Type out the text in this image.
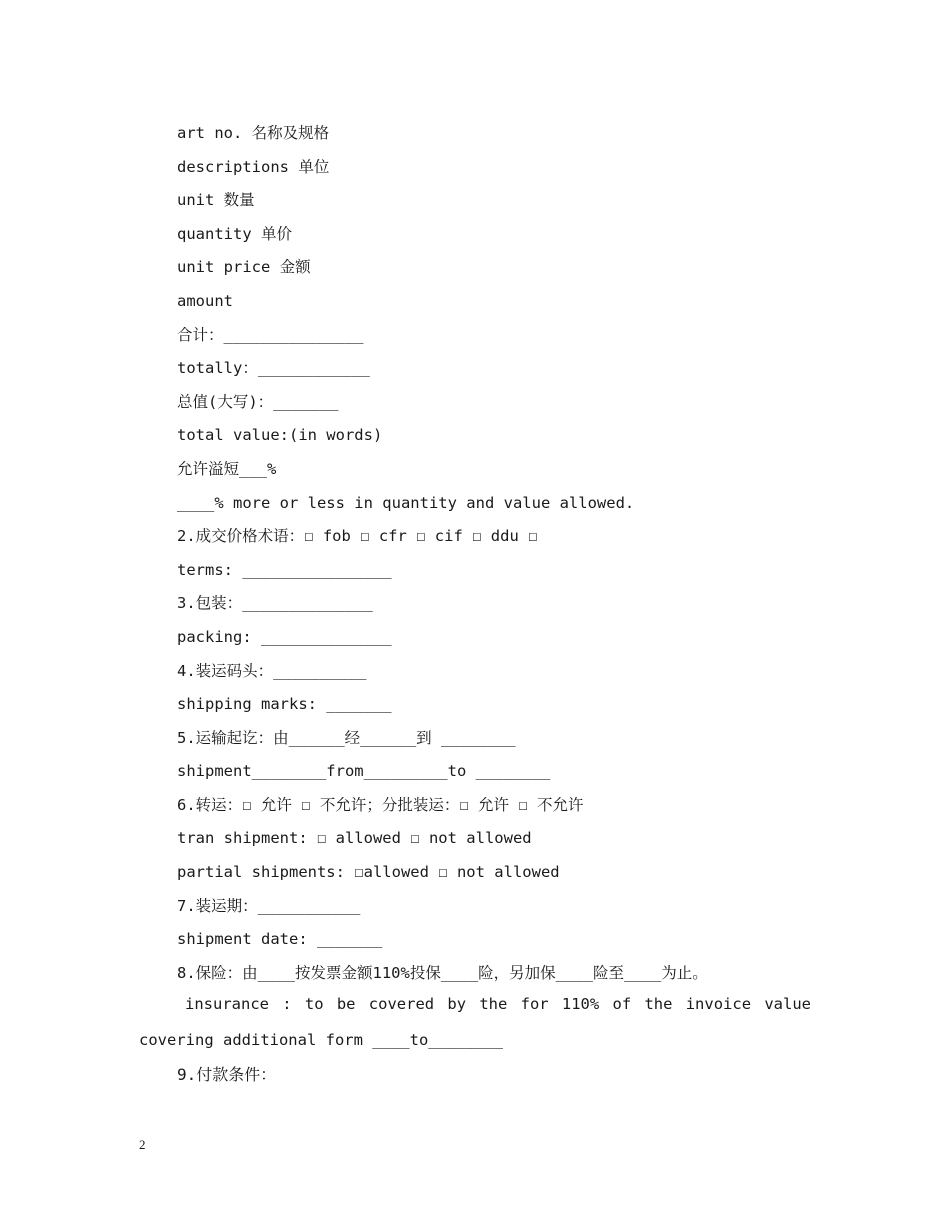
art no. 名称及规格
descriptions 单位
unit 数量
quantity 单价
unit price 金额
amount
合计：_______________
totally：____________
总值(大写)：_______
total value:(in words)
允许溢短___%
____% more or less in quantity and value allowed.
2.成交价格术语：☐ fob ☐ cfr ☐ cif ☐ ddu ☐
terms: ________________
3.包装：______________
packing: ______________
4.装运码头：__________
shipping marks: _______
5.运输起讫：由______经______到 ________
shipment________from_________to ________
6.转运：☐ 允许 ☐ 不允许；分批装运：☐ 允许 ☐ 不允许
tran shipment: ☐ allowed ☐ not allowed
partial shipments: ☐allowed ☐ not allowed
7.装运期：___________
shipment date: _______
8.保险：由____按发票金额110%投保____险，另加保____险至____为止。
insurance : to be covered by the for 110% of the invoice value
covering additional form ____to________
9.付款条件：
2
